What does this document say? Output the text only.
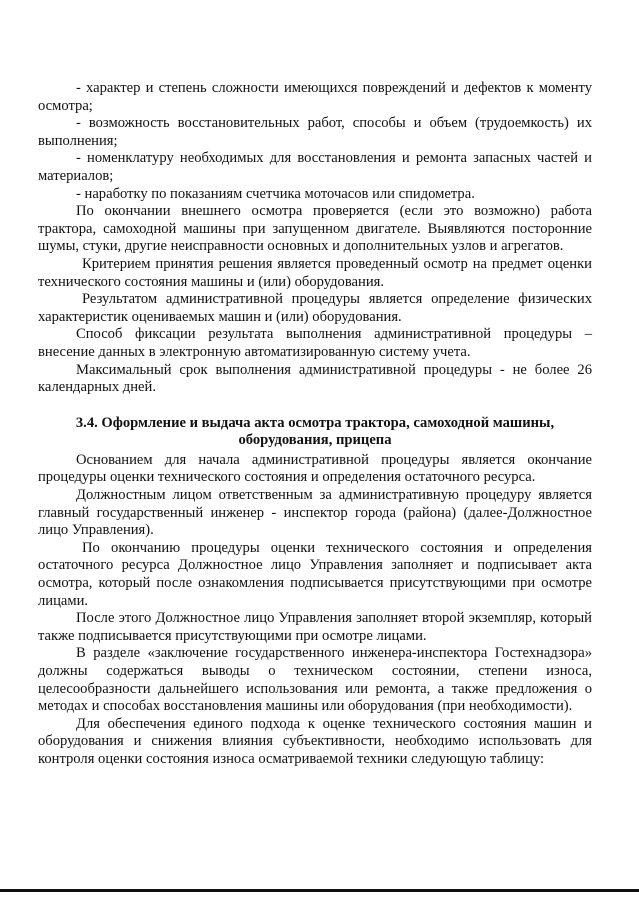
- характер и степень сложности имеющихся повреждений и дефектов к моменту осмотра;

- возможность восстановительных работ, способы и объем (трудоемкость) их выполнения;

- номенклатуру необходимых для восстановления и ремонта запасных частей и материалов;

- наработку по показаниям счетчика моточасов или спидометра.

По окончании внешнего осмотра проверяется (если это возможно) работа трактора, самоходной машины при запущенном двигателе. Выявляются посторонние шумы, стуки, другие неисправности основных и дополнительных узлов и агрегатов.

Критерием принятия решения является проведенный осмотр на предмет оценки технического состояния машины и (или) оборудования.

Результатом административной процедуры является определение физических характеристик оцениваемых машин и (или) оборудования.

Способ фиксации результата выполнения административной процедуры – внесение данных в электронную автоматизированную систему учета.

Максимальный срок выполнения административной процедуры - не более 26 календарных дней.

3.4. Оформление и выдача акта осмотра трактора, самоходной машины,
оборудования, прицепа

Основанием для начала административной процедуры является окончание процедуры оценки технического состояния и определения остаточного ресурса.

Должностным лицом ответственным за административную процедуру является главный государственный инженер - инспектор города (района) (далее-Должностное лицо Управления).

По окончанию процедуры оценки технического состояния и определения остаточного ресурса Должностное лицо Управления заполняет и подписывает акта осмотра, который после ознакомления подписывается присутствующими при осмотре лицами.

После этого Должностное лицо Управления заполняет второй экземпляр, который также подписывается присутствующими при осмотре лицами.

В разделе «заключение государственного инженера-инспектора Гостехнадзора» должны содержаться выводы о техническом состоянии, степени износа, целесообразности дальнейшего использования или ремонта, а также предложения о методах и способах восстановления машины или оборудования (при необходимости).

Для обеспечения единого подхода к оценке технического состояния машин и оборудования и снижения влияния субъективности, необходимо использовать для контроля оценки состояния износа осматриваемой техники следующую таблицу:
